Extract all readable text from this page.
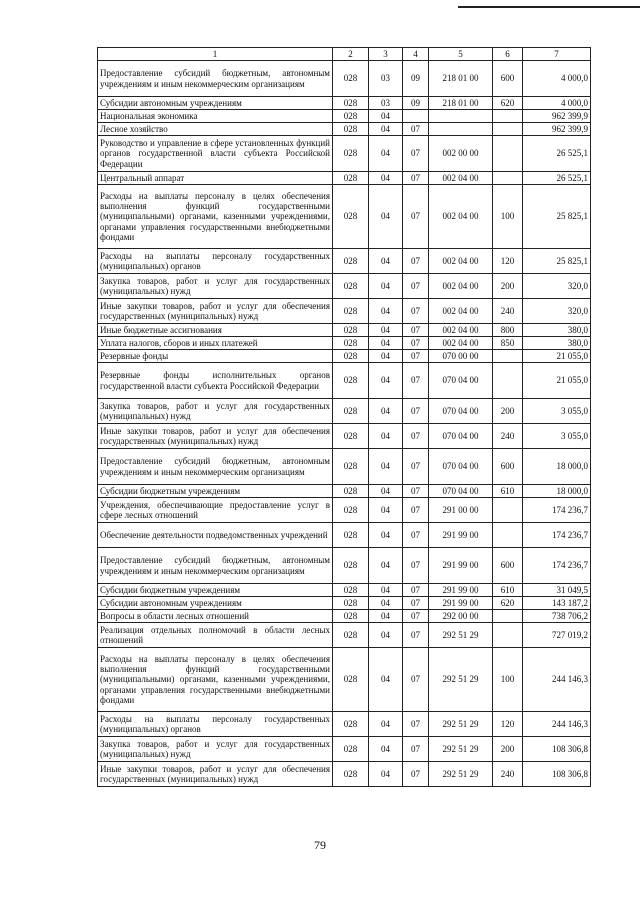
1	2	3	4	5	6	7
Предоставление субсидий бюджетным, автономным учреждениям и иным некоммерческим организациям	028	03	09	218 01 00	600	4 000,0
Субсидии автономным учреждениям	028	03	09	218 01 00	620	4 000,0
Национальная экономика	028	04				962 399,9
Лесное хозяйство	028	04	07			962 399,9
Руководство и управление в сфере установленных функций органов государственной власти субъекта Российской Федерации	028	04	07	002 00 00		26 525,1
Центральный аппарат	028	04	07	002 04 00		26 525,1
Расходы на выплаты персоналу в целях обеспечения выполнения функций государственными (муниципальными) органами, казенными учреждениями, органами управления государственными внебюджетными фондами	028	04	07	002 04 00	100	25 825,1
Расходы на выплаты персоналу государственных (муниципальных) органов	028	04	07	002 04 00	120	25 825,1
Закупка товаров, работ и услуг для государственных (муниципальных) нужд	028	04	07	002 04 00	200	320,0
Иные закупки товаров, работ и услуг для обеспечения государственных (муниципальных) нужд	028	04	07	002 04 00	240	320,0
Иные бюджетные ассигнования	028	04	07	002 04 00	800	380,0
Уплата налогов, сборов и иных платежей	028	04	07	002 04 00	850	380,0
Резервные фонды	028	04	07	070 00 00		21 055,0
Резервные фонды исполнительных органов государственной власти субъекта Российской Федерации	028	04	07	070 04 00		21 055,0
Закупка товаров, работ и услуг для государственных (муниципальных) нужд	028	04	07	070 04 00	200	3 055,0
Иные закупки товаров, работ и услуг для обеспечения государственных (муниципальных) нужд	028	04	07	070 04 00	240	3 055,0
Предоставление субсидий бюджетным, автономным учреждениям и иным некоммерческим организациям	028	04	07	070 04 00	600	18 000,0
Субсидии бюджетным учреждениям	028	04	07	070 04 00	610	18 000,0
Учреждения, обеспечивающие предоставление услуг в сфере лесных отношений	028	04	07	291 00 00		174 236,7
Обеспечение деятельности подведомственных учреждений	028	04	07	291 99 00		174 236,7
Предоставление субсидий бюджетным, автономным учреждениям и иным некоммерческим организациям	028	04	07	291 99 00	600	174 236,7
Субсидии бюджетным учреждениям	028	04	07	291 99 00	610	31 049,5
Субсидии автономным учреждениям	028	04	07	291 99 00	620	143 187,2
Вопросы в области лесных отношений	028	04	07	292 00 00		738 706,2
Реализация отдельных полномочий в области лесных отношений	028	04	07	292 51 29		727 019,2
Расходы на выплаты персоналу в целях обеспечения выполнения функций государственными (муниципальными) органами, казенными учреждениями, органами управления государственными внебюджетными фондами	028	04	07	292 51 29	100	244 146,3
Расходы на выплаты персоналу государственных (муниципальных) органов	028	04	07	292 51 29	120	244 146,3
Закупка товаров, работ и услуг для государственных (муниципальных) нужд	028	04	07	292 51 29	200	108 306,8
Иные закупки товаров, работ и услуг для обеспечения государственных (муниципальных) нужд	028	04	07	292 51 29	240	108 306,8
79
